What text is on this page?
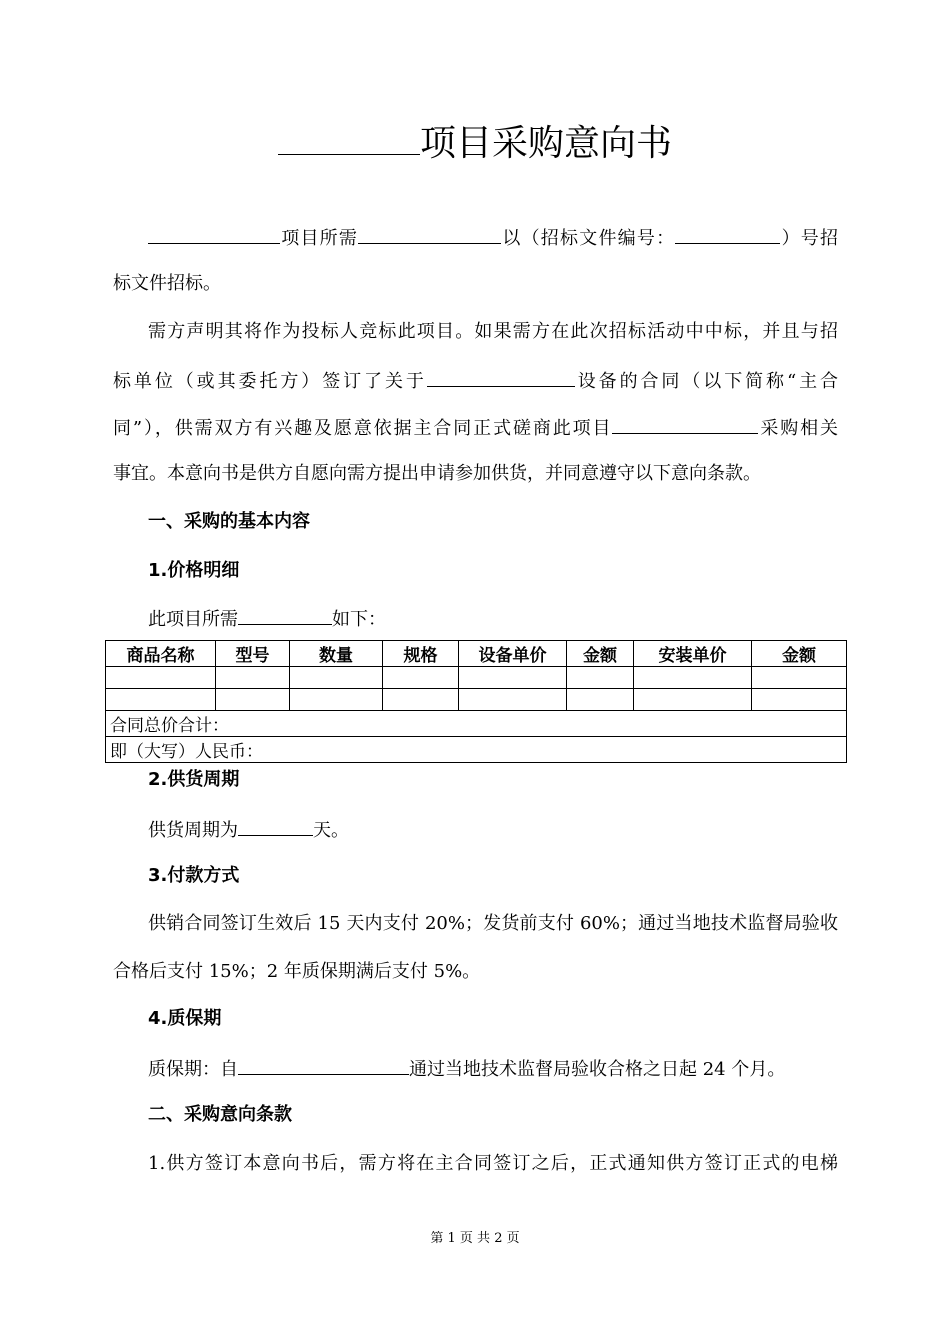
项目采购意向书
项目所需	以（招标文件编号：	）号招
标文件招标。
需方声明其将作为投标人竞标此项目。如果需方在此次招标活动中中标，并且与招
标单位（或其委托方）签订了关于	设备的合同（以下简称“主合
同”），供需双方有兴趣及愿意依据主合同正式磋商此项目	采购相关
事宜。本意向书是供方自愿向需方提出申请参加供货，并同意遵守以下意向条款。
一、采购的基本内容
1.价格明细
此项目所需	如下：
商品名称	型号	数量	规格	设备单价	金额	安装单价	金额

合同总价合计：							
即（大写）人民币：							
2.供货周期
供货周期为	天。
3.付款方式
供销合同签订生效后 15 天内支付 20%；发货前支付 60%；通过当地技术监督局验收
合格后支付 15%；2 年质保期满后支付 5%。
4.质保期
质保期：自	通过当地技术监督局验收合格之日起 24 个月。
二、采购意向条款
1.供方签订本意向书后，需方将在主合同签订之后，正式通知供方签订正式的电梯
第 1 页 共 2 页
